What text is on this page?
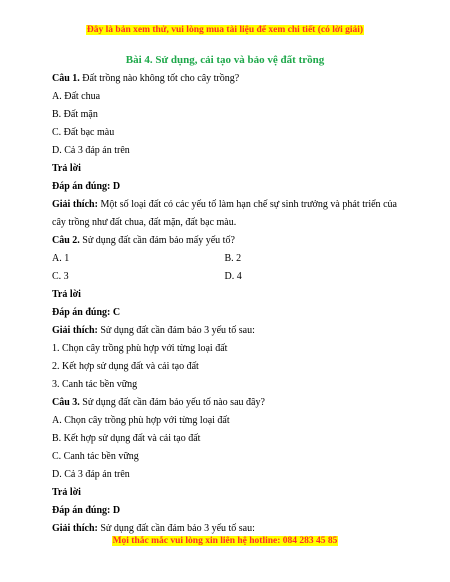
Đây là bản xem thử, vui lòng mua tài liệu để xem chi tiết (có lời giải)
Bài 4. Sử dụng, cải tạo và bảo vệ đất trồng
Câu 1. Đất trồng nào không tốt cho cây trồng?
A. Đất chua
B. Đất mặn
C. Đất bạc màu
D. Cả 3 đáp án trên
Trả lời
Đáp án đúng: D
Giải thích: Một số loại đất có các yếu tố làm hạn chế sự sinh trưởng và phát triển của cây trồng như đất chua, đất mặn, đất bạc màu.
Câu 2. Sử dụng đất cần đảm bảo mấy yếu tố?
A. 1	B. 2
C. 3	D. 4
Trả lời
Đáp án đúng: C
Giải thích: Sử dụng đất cần đảm bảo 3 yếu tố sau:
1. Chọn cây trồng phù hợp với từng loại đất
2. Kết hợp sử dụng đất và cải tạo đất
3. Canh tác bền vững
Câu 3. Sử dụng đất cần đảm bảo yếu tố nào sau đây?
A. Chọn cây trồng phù hợp với từng loại đất
B. Kết hợp sử dụng đất và cải tạo đất
C. Canh tác bền vững
D. Cả 3 đáp án trên
Trả lời
Đáp án đúng: D
Giải thích: Sử dụng đất cần đảm bảo 3 yếu tố sau:
Mọi thắc mắc vui lòng xin liên hệ hotline: 084 283 45 85
